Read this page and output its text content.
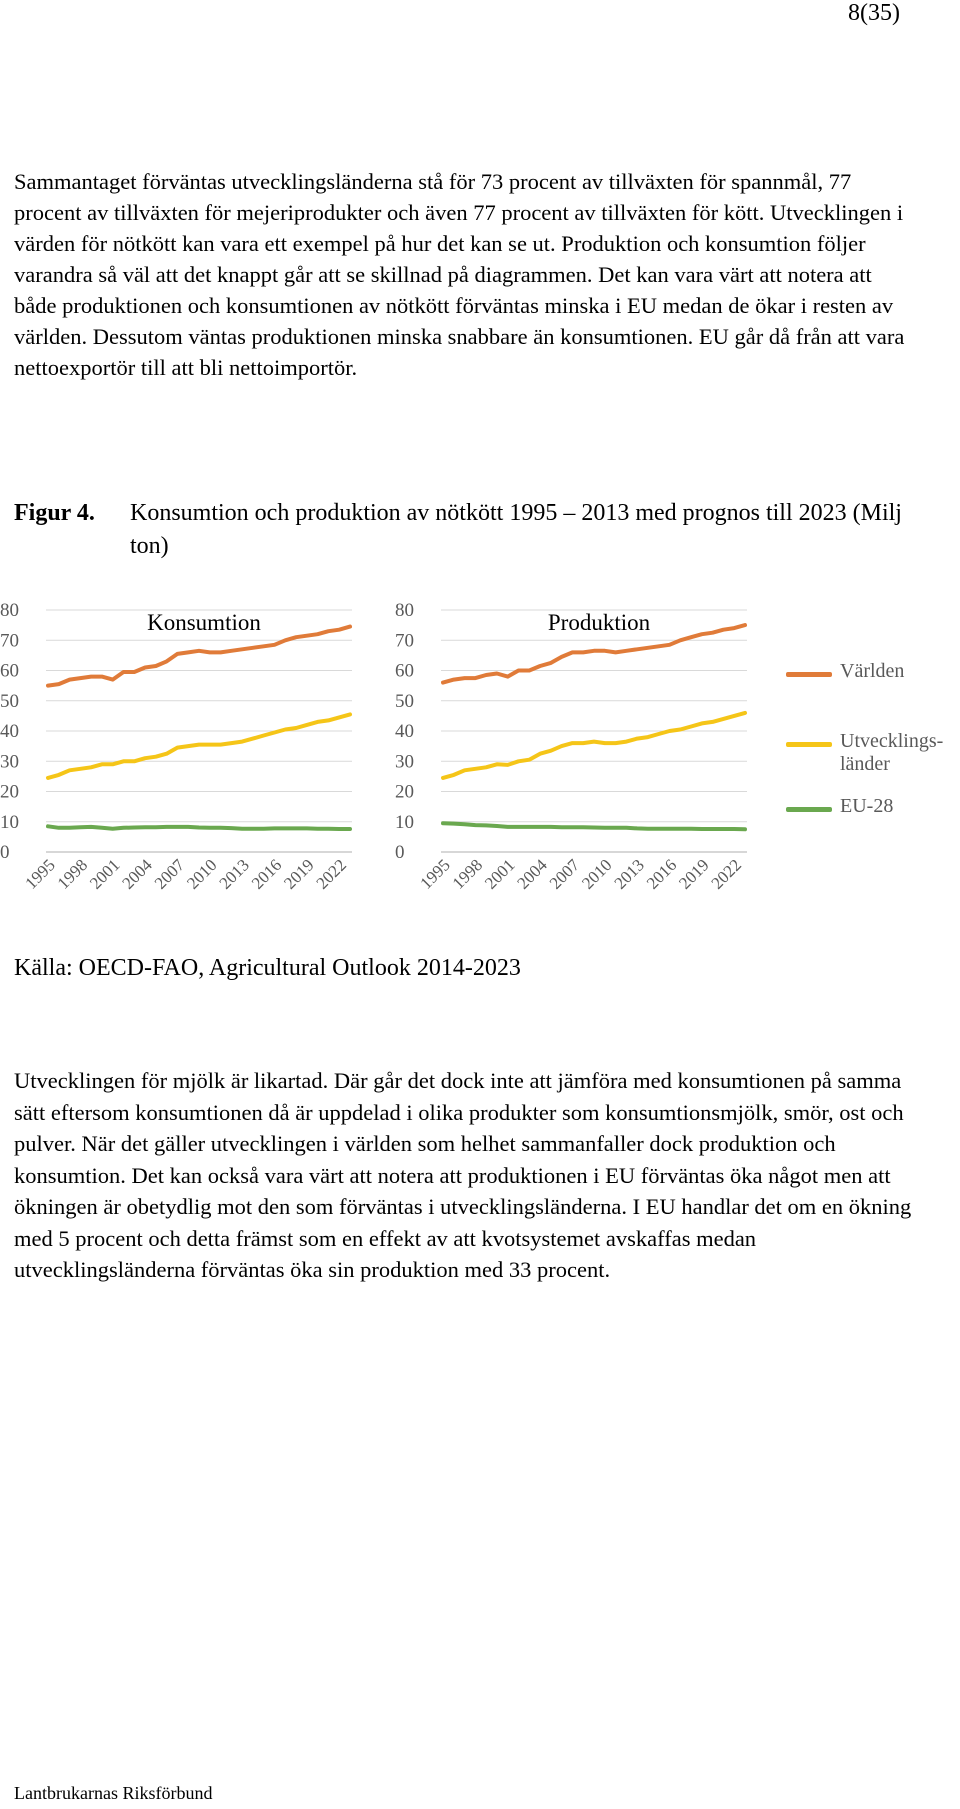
8(35)

Sammantaget förväntas utvecklingsländerna stå för 73 procent av tillväxten för spannmål, 77 procent av tillväxten för mejeriprodukter och även 77 procent av tillväxten för kött. Utvecklingen i värden för nötkött kan vara ett exempel på hur det kan se ut. Produktion och konsumtion följer varandra så väl att det knappt går att se skillnad på diagrammen. Det kan vara värt att notera att både produktionen och konsumtionen av nötkött förväntas minska i EU medan de ökar i resten av världen. Dessutom väntas produktionen minska snabbare än konsumtionen. EU går då från att vara nettoexportör till att bli nettoimportör.

Figur 4. Konsumtion och produktion av nötkött 1995 – 2013 med prognos till 2023 (Milj ton)
80
70
60
50
40
30
20
10
0
1995
1998
2001
2004
2007
2010
2013
2016
2019
2022
Konsumtion	80
70
60
50
40
30
20
10
0
1995
1998
2001
2004
2007
2010
2013
2016
2019
2022
Produktion
Världen
Utvecklings-länder
EU-28
Källa: OECD-FAO, Agricultural Outlook 2014-2023

Utvecklingen för mjölk är likartad. Där går det dock inte att jämföra med konsumtionen på samma sätt eftersom konsumtionen då är uppdelad i olika produkter som konsumtionsmjölk, smör, ost och pulver. När det gäller utvecklingen i världen som helhet sammanfaller dock produktion och konsumtion. Det kan också vara värt att notera att produktionen i EU förväntas öka något men att ökningen är obetydlig mot den som förväntas i utvecklingsländerna. I EU handlar det om en ökning med 5 procent och detta främst som en effekt av att kvotsystemet avskaffas medan utvecklingsländerna förväntas öka sin produktion med 33 procent.

Lantbrukarnas Riksförbund
